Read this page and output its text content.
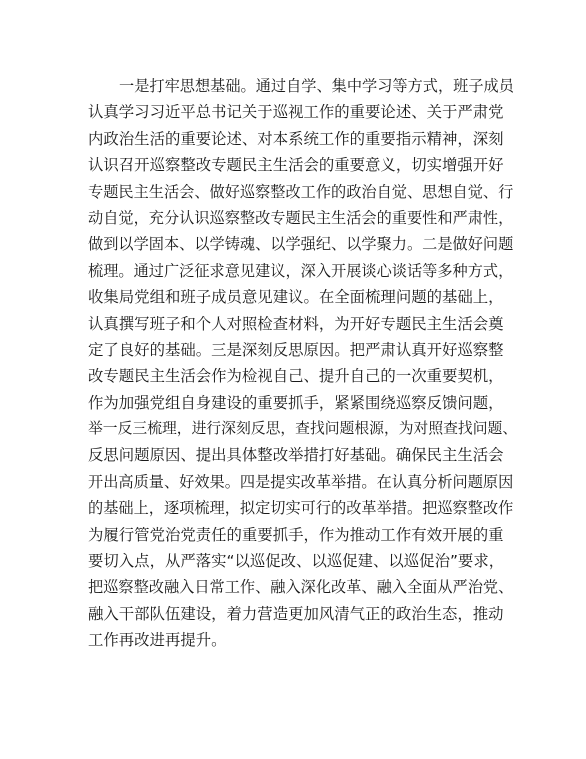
一是打牢思想基础。通过自学、集中学习等方式，班子成员
认真学习习近平总书记关于巡视工作的重要论述、关于严肃党
内政治生活的重要论述、对本系统工作的重要指示精神，深刻
认识召开巡察整改专题民主生活会的重要意义，切实增强开好
专题民主生活会、做好巡察整改工作的政治自觉、思想自觉、行
动自觉，充分认识巡察整改专题民主生活会的重要性和严肃性，
做到以学固本、以学铸魂、以学强纪、以学聚力。二是做好问题
梳理。通过广泛征求意见建议，深入开展谈心谈话等多种方式，
收集局党组和班子成员意见建议。在全面梳理问题的基础上，
认真撰写班子和个人对照检查材料，为开好专题民主生活会奠
定了良好的基础。三是深刻反思原因。把严肃认真开好巡察整
改专题民主生活会作为检视自己、提升自己的一次重要契机，
作为加强党组自身建设的重要抓手，紧紧围绕巡察反馈问题，
举一反三梳理，进行深刻反思，查找问题根源，为对照查找问题、
反思问题原因、提出具体整改举措打好基础。确保民主生活会
开出高质量、好效果。四是提实改革举措。在认真分析问题原因
的基础上，逐项梳理，拟定切实可行的改革举措。把巡察整改作
为履行管党治党责任的重要抓手，作为推动工作有效开展的重
要切入点，从严落实“以巡促改、以巡促建、以巡促治”要求，
把巡察整改融入日常工作、融入深化改革、融入全面从严治党、
融入干部队伍建设，着力营造更加风清气正的政治生态，推动
工作再改进再提升。
